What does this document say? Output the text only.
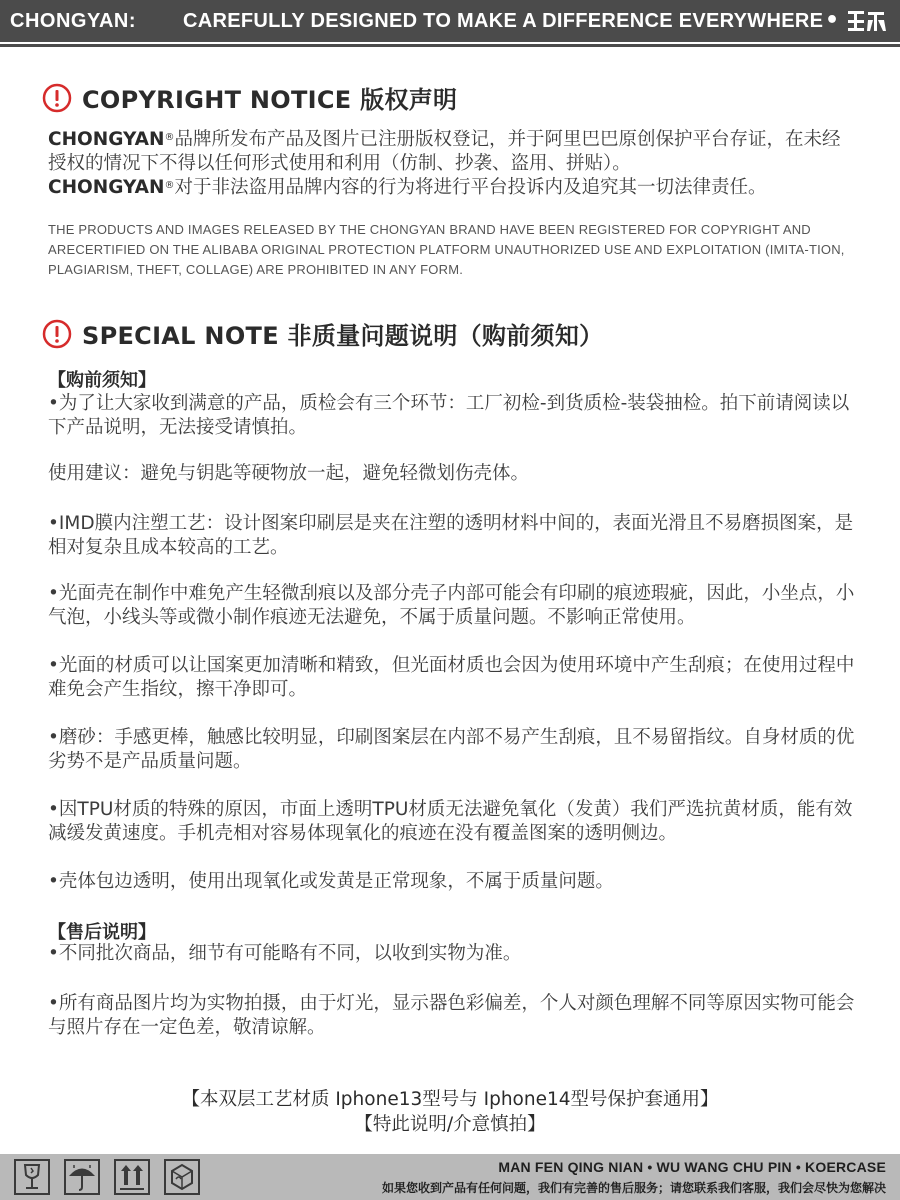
CHONGYAN: CAREFULLY DESIGNED TO MAKE A DIFFERENCE EVERYWHERE •
COPYRIGHT NOTICE 版权声明
CHONGYAN®品牌所发布产品及图片已注册版权登记，并于阿里巴巴原创保护平台存证，在未经授权的情况下不得以任何形式使用和利用（仿制、抄袭、盗用、拼贴）。
CHONGYAN®对于非法盗用品牌内容的行为将进行平台投诉内及追究其一切法律责任。
THE PRODUCTS AND IMAGES RELEASED BY THE CHONGYAN BRAND HAVE BEEN REGISTERED FOR COPYRIGHT AND ARECERTIFIED ON THE ALIBABA ORIGINAL PROTECTION PLATFORM UNAUTHORIZED USE AND EXPLOITATION (IMITA-TION, PLAGIARISM, THEFT, COLLAGE) ARE PROHIBITED IN ANY FORM.
SPECIAL NOTE 非质量问题说明（购前须知）
【购前须知】
•为了让大家收到满意的产品，质检会有三个环节：工厂初检-到货质检-装袋抽检。拍下前请阅读以下产品说明，无法接受请慎拍。
使用建议：避免与钥匙等硬物放一起，避免轻微划伤壳体。
•IMD膜内注塑工艺：设计图案印刷层是夹在注塑的透明材料中间的，表面光滑且不易磨损图案，是相对复杂且成本较高的工艺。
•光面壳在制作中难免产生轻微刮痕以及部分壳子内部可能会有印刷的痕迹瑕疵，因此，小坐点，小气泡，小线头等或微小制作痕迹无法避免，不属于质量问题。不影响正常使用。
•光面的材质可以让国案更加清晰和精致，但光面材质也会因为使用环境中产生刮痕；在使用过程中难免会产生指纹，擦干净即可。
•磨砂：手感更棒，触感比较明显，印刷图案层在内部不易产生刮痕，且不易留指纹。自身材质的优劣势不是产品质量问题。
•因TPU材质的特殊的原因，市面上透明TPU材质无法避免氧化（发黄）我们严选抗黄材质，能有效减缓发黄速度。手机壳相对容易体现氧化的痕迹在没有覆盖图案的透明侧边。
•壳体包边透明，使用出现氧化或发黄是正常现象，不属于质量问题。
【售后说明】
•不同批次商品，细节有可能略有不同，以收到实物为准。
•所有商品图片均为实物拍摄，由于灯光，显示器色彩偏差，个人对颜色理解不同等原因实物可能会与照片存在一定色差，敬清谅解。
【本双层工艺材质 Iphone13型号与 Iphone14型号保护套通用】
【特此说明/介意慎拍】
MAN FEN QING NIAN • WU WANG CHU PIN • KOERCASE
如果您收到产品有任何问题，我们有完善的售后服务；请您联系我们客服，我们会尽快为您解决
